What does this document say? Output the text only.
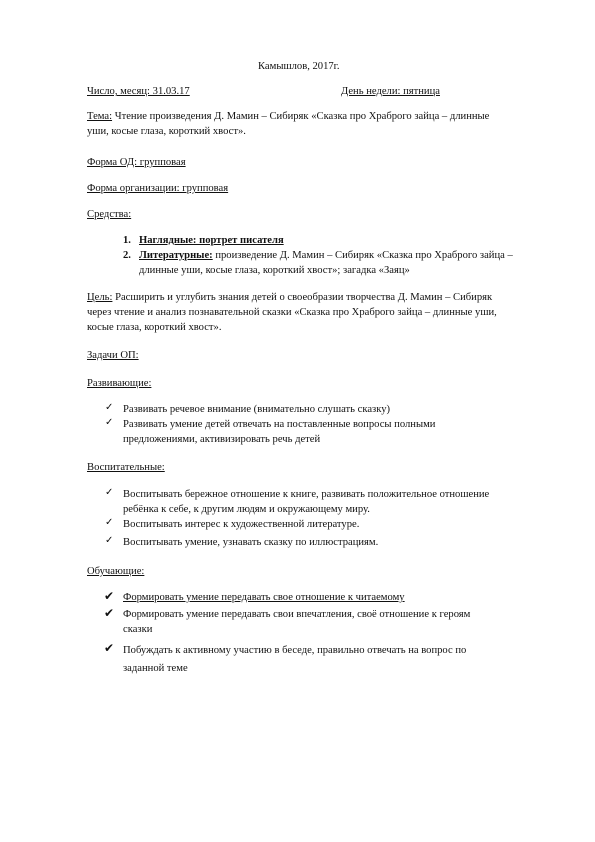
Камышлов, 2017г.
Число, месяц: 31.03.17	День недели: пятница
Тема: Чтение произведения Д. Мамин – Сибиряк «Сказка про Храброго зайца – длинные
уши, косые глаза, короткий хвост».
Форма ОД: групповая
Форма организации: групповая
Средства:
1. Наглядные: портрет писателя
2. Литературные: произведение Д. Мамин – Сибиряк «Сказка про Храброго зайца –
длинные уши, косые глаза, короткий хвост»; загадка «Заяц»
Цель: Расширить и углубить знания детей о своеобразии творчества Д. Мамин – Сибиряк
через чтение и анализ познавательной сказки «Сказка про Храброго зайца – длинные уши,
косые глаза, короткий хвост».
Задачи ОП:
Развивающие:
✓ Развивать речевое внимание (внимательно слушать сказку)
✓ Развивать умение детей отвечать на поставленные вопросы полными
предложениями, активизировать речь детей
Воспитательные:
✓ Воспитывать бережное отношение к книге, развивать положительное отношение
ребёнка к себе, к другим людям и окружающему миру.
✓ Воспитывать интерес к художественной литературе.
✓ Воспитывать умение, узнавать сказку по иллюстрациям.
Обучающие:
✔ Формировать умение передавать свое отношение к читаемому
✔ Формировать умение передавать свои впечатления, своё отношение к героям
сказки
✔ Побуждать к активному участию в беседе, правильно отвечать на вопрос по
заданной теме
